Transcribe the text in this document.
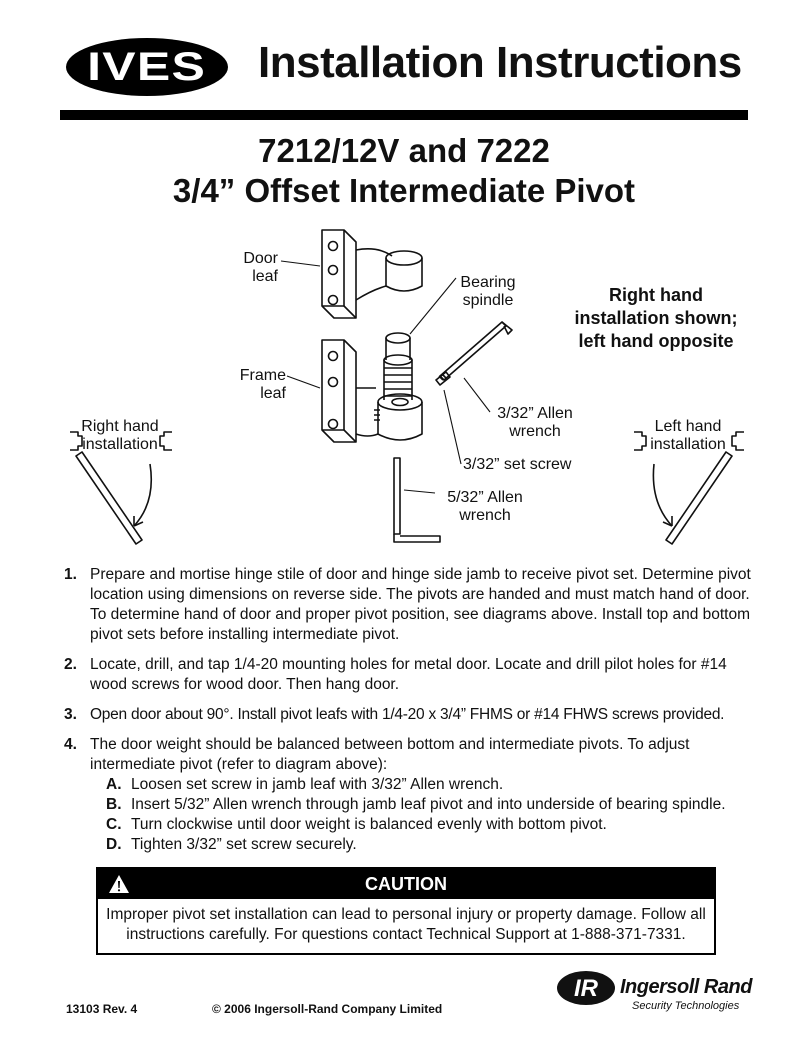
IVES Installation Instructions
7212/12V and 7222
3/4” Offset Intermediate Pivot
Door
leaf	Bearing
spindle
Frame
leaf
3/32” Allen
wrench
3/32” set screw
5/32” Allen
wrench
Right hand
installation
Left hand
installation
Right hand
installation shown;
left hand opposite
1. Prepare and mortise hinge stile of door and hinge side jamb to receive pivot set. Determine pivot location using dimensions on reverse side. The pivots are handed and must match hand of door. To determine hand of door and proper pivot position, see diagrams above. Install top and bottom pivot sets before installing intermediate pivot.
2. Locate, drill, and tap 1/4-20 mounting holes for metal door. Locate and drill pilot holes for #14 wood screws for wood door. Then hang door.
3. Open door about 90°. Install pivot leafs with 1/4-20 x 3/4” FHMS or #14 FHWS screws provided.
4. The door weight should be balanced between bottom and intermediate pivots. To adjust intermediate pivot (refer to diagram above):
A. Loosen set screw in jamb leaf with 3/32” Allen wrench.
B. Insert 5/32” Allen wrench through jamb leaf pivot and into underside of bearing spindle.
C. Turn clockwise until door weight is balanced evenly with bottom pivot.
D. Tighten 3/32” set screw securely.
CAUTION
Improper pivot set installation can lead to personal injury or property damage. Follow all instructions carefully. For questions contact Technical Support at 1-888-371-7331.
13103 Rev. 4	© 2006 Ingersoll-Rand Company Limited
IR Ingersoll Rand
Security Technologies
